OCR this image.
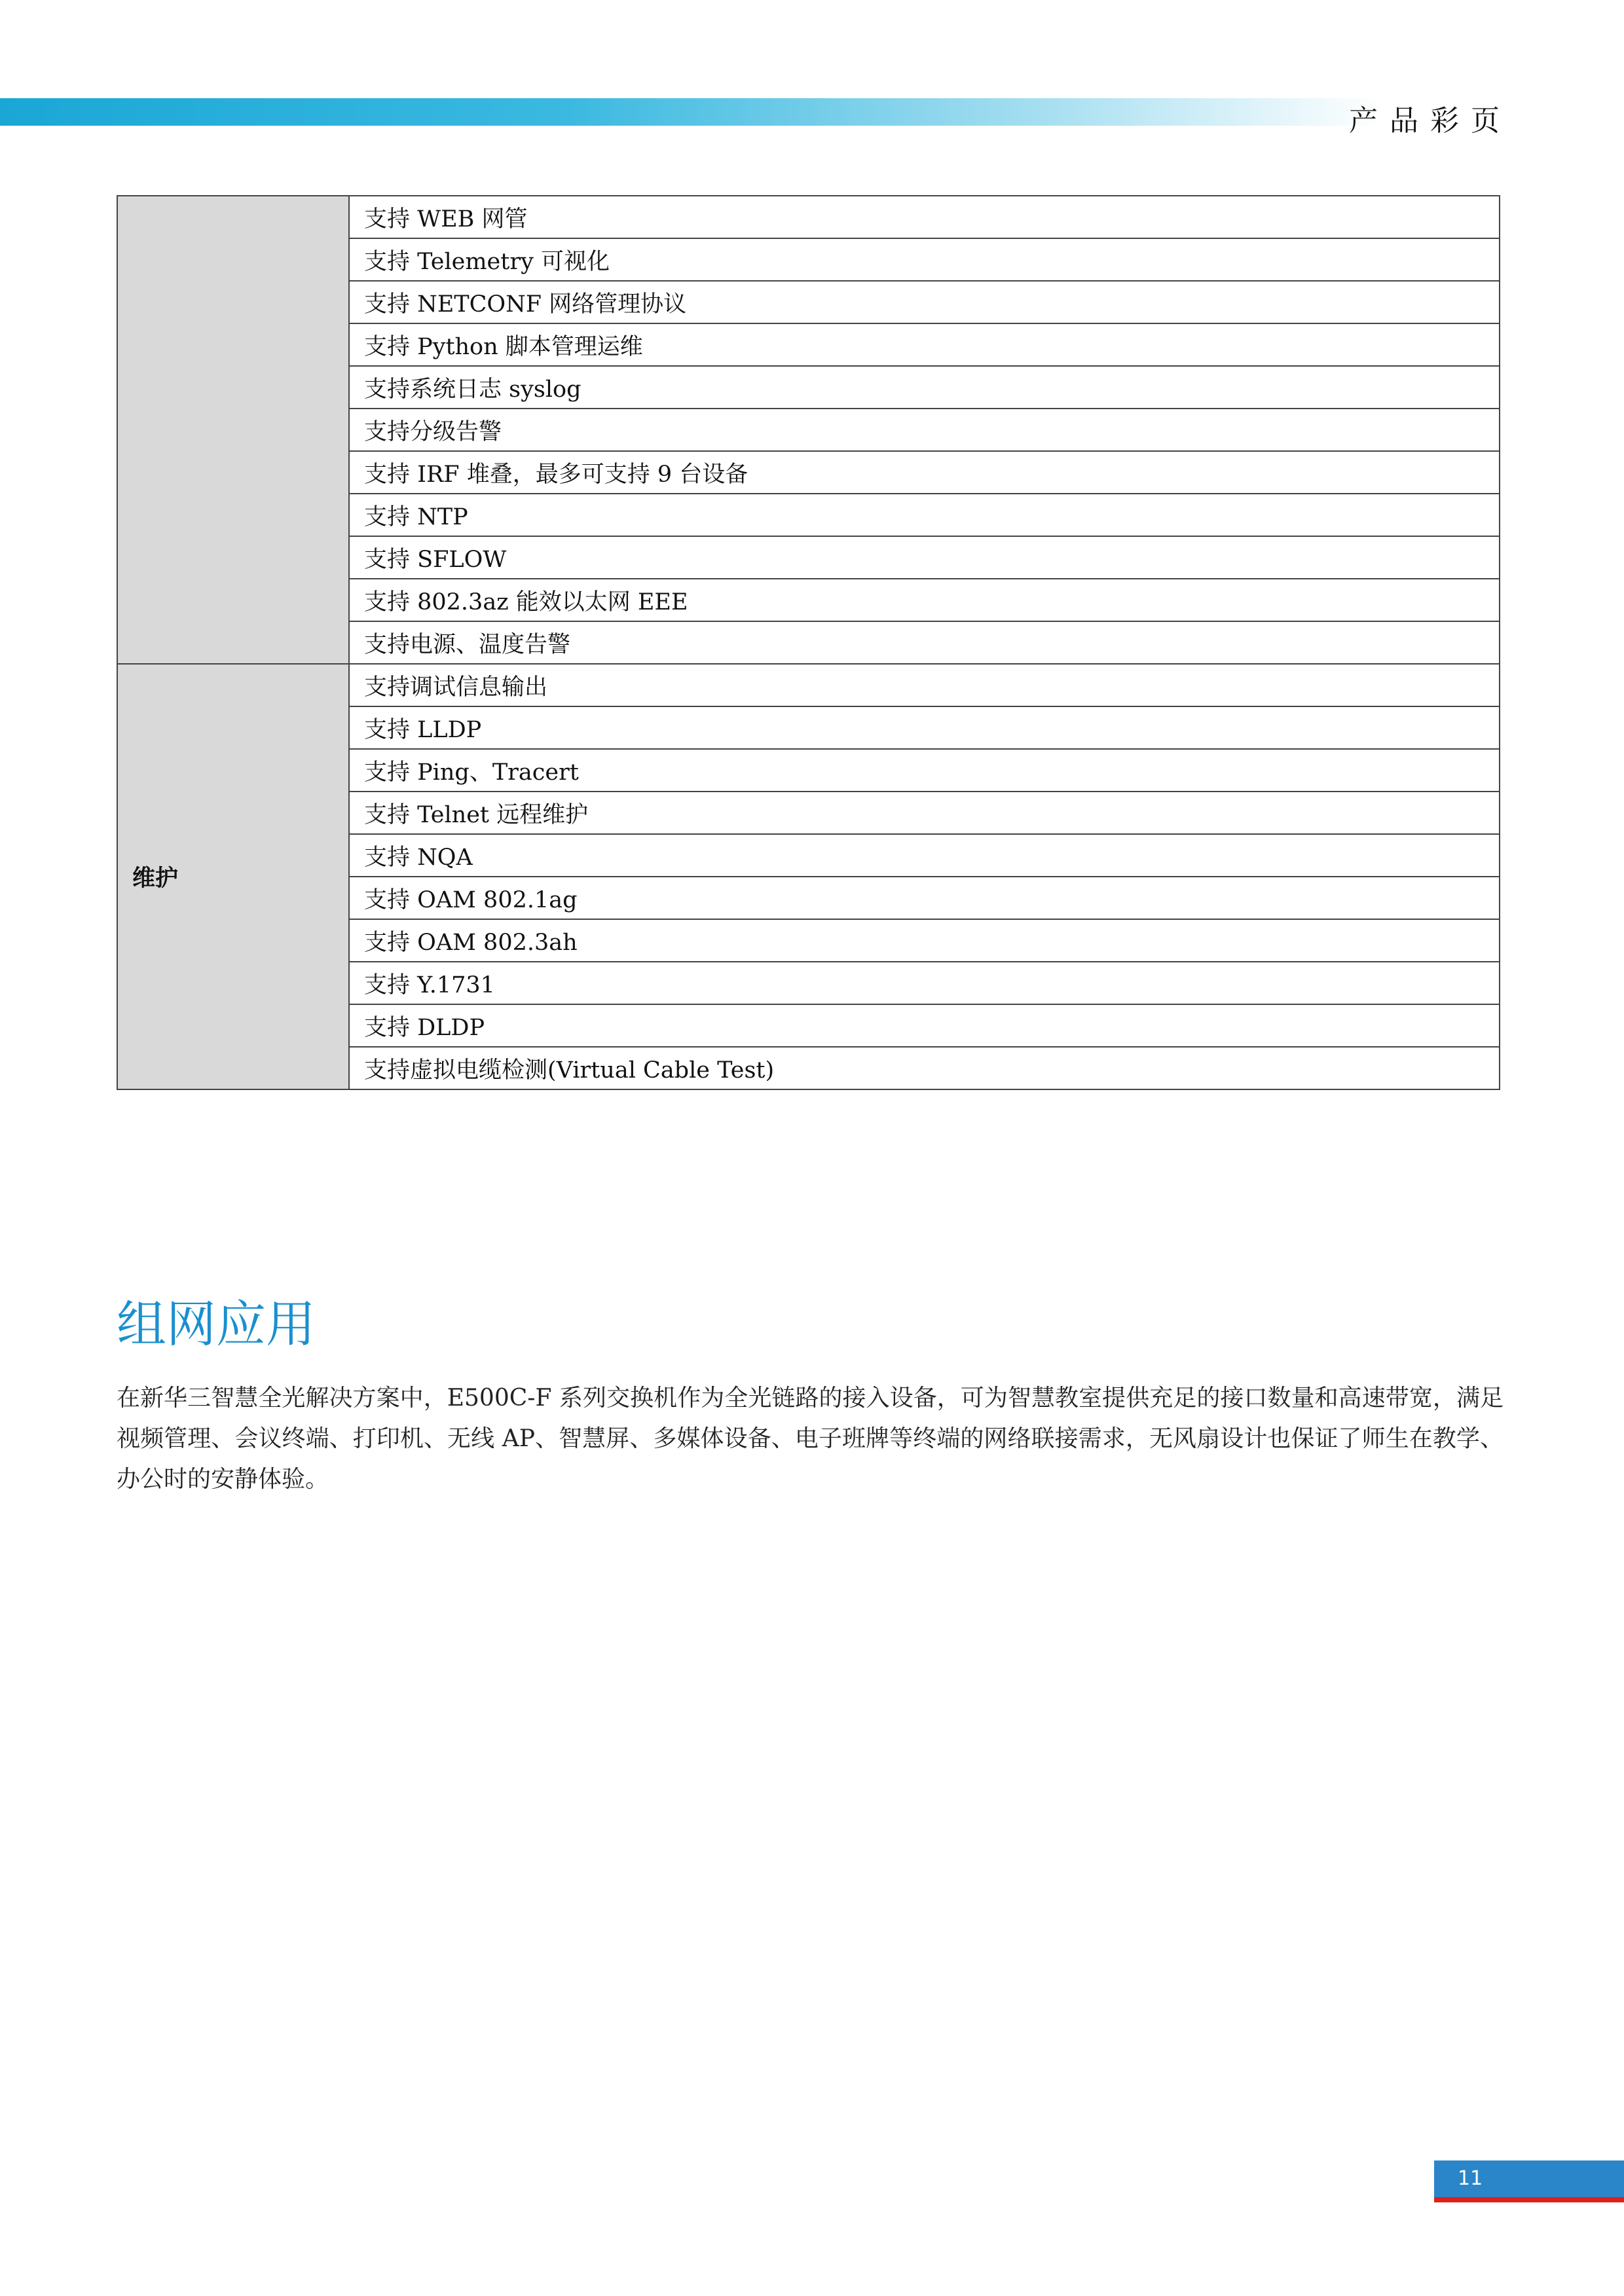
产品彩页
	支持 WEB 网管
	支持 Telemetry 可视化
	支持 NETCONF 网络管理协议
	支持 Python 脚本管理运维
	支持系统日志 syslog
	支持分级告警
	支持 IRF 堆叠，最多可支持 9 台设备
	支持 NTP
	支持 SFLOW
	支持 802.3az 能效以太网 EEE
	支持电源、温度告警
维护	支持调试信息输出
	支持 LLDP
	支持 Ping、Tracert
	支持 Telnet 远程维护
	支持 NQA
	支持 OAM 802.1ag
	支持 OAM 802.3ah
	支持 Y.1731
	支持 DLDP
	支持虚拟电缆检测(Virtual Cable Test)
组网应用
在新华三智慧全光解决方案中，E500C-F 系列交换机作为全光链路的接入设备，可为智慧教室提供充足的接口数量和高速带宽，满足视频管理、会议终端、打印机、无线 AP、智慧屏、多媒体设备、电子班牌等终端的网络联接需求，无风扇设计也保证了师生在教学、办公时的安静体验。
11
